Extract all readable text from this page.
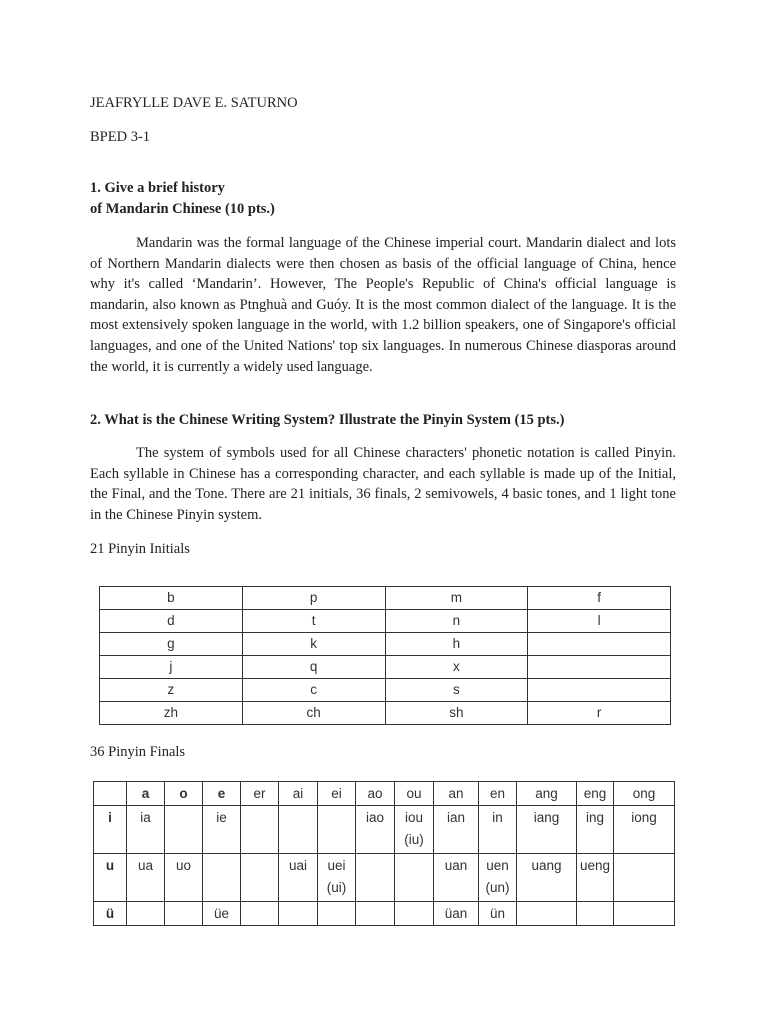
JEAFRYLLE DAVE E. SATURNO
BPED 3-1
1. Give a brief history
of Mandarin Chinese (10 pts.)

Mandarin was the formal language of the Chinese imperial court. Mandarin dialect and lots of Northern Mandarin dialects were then chosen as basis of the official language of China, hence why it's called ‘Mandarin’. However, The People's Republic of China's official language is mandarin, also known as Ptnghuà and Guóy. It is the most common dialect of the language. It is the most extensively spoken language in the world, with 1.2 billion speakers, one of Singapore's official languages, and one of the United Nations' top six languages. In numerous Chinese diasporas around the world, it is currently a widely used language.

2. What is the Chinese Writing System? Illustrate the Pinyin System (15 pts.)

The system of symbols used for all Chinese characters' phonetic notation is called Pinyin. Each syllable in Chinese has a corresponding character, and each syllable is made up of the Initial, the Final, and the Tone. There are 21 initials, 36 finals, 2 semivowels, 4 basic tones, and 1 light tone in the Chinese Pinyin system.

21 Pinyin Initials
b	p	m	f
d	t	n	l
g	k	h	
j	q	x	
z	c	s	
zh	ch	sh	r
36 Pinyin Finals
	a	o	e	er	ai	ei	ao	ou	an	en	ang	eng	ong
i	ia		ie				iao	iou
(iu)	ian	in	iang	ing	iong
u	ua	uo			uai	uei
(ui)			uan	uen
(un)	uang	ueng	
ü			üe						üan	ün			
